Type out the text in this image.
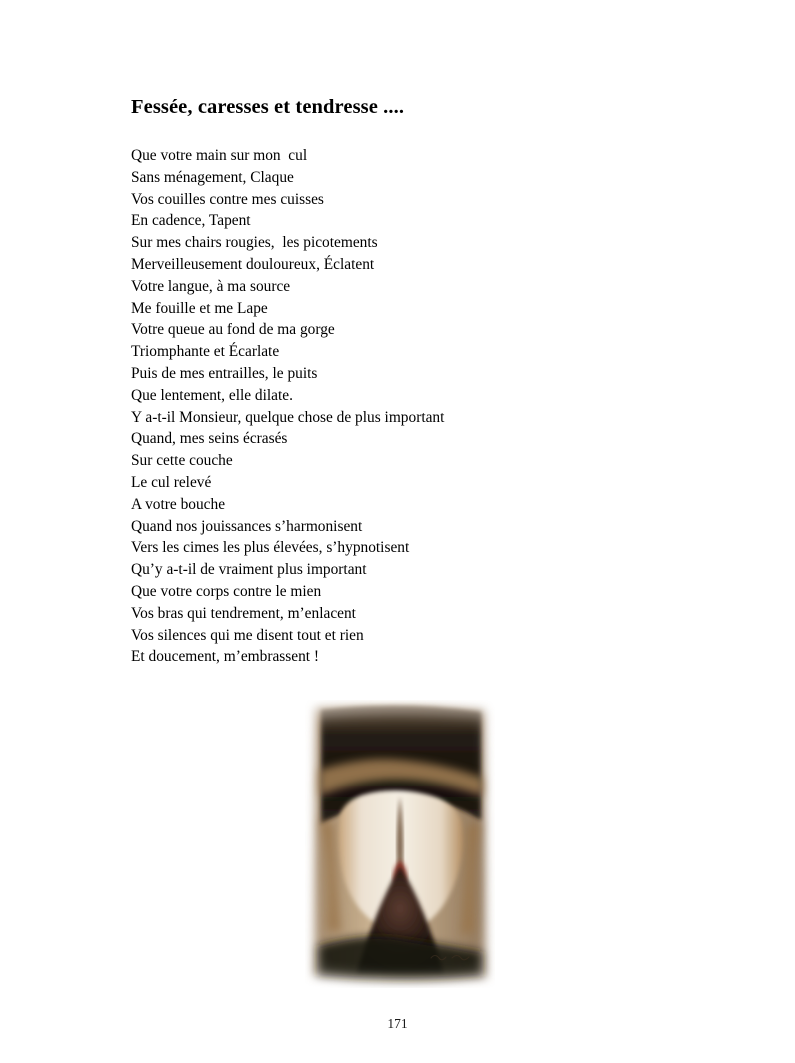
Fessée, caresses et tendresse ....
Que votre main sur mon  cul
Sans ménagement, Claque
Vos couilles contre mes cuisses
En cadence, Tapent
Sur mes chairs rougies,  les picotements
Merveilleusement douloureux, Éclatent
Votre langue, à ma source
Me fouille et me Lape
Votre queue au fond de ma gorge
Triomphante et Écarlate
Puis de mes entrailles, le puits
Que lentement, elle dilate.
Y a-t-il Monsieur, quelque chose de plus important
Quand, mes seins écrasés
Sur cette couche
Le cul relevé
A votre bouche
Quand nos jouissances s’harmonisent
Vers les cimes les plus élevées, s’hypnotisent
Qu’y a-t-il de vraiment plus important
Que votre corps contre le mien
Vos bras qui tendrement, m’enlacent
Vos silences qui me disent tout et rien
Et doucement, m’embrassent !
171
